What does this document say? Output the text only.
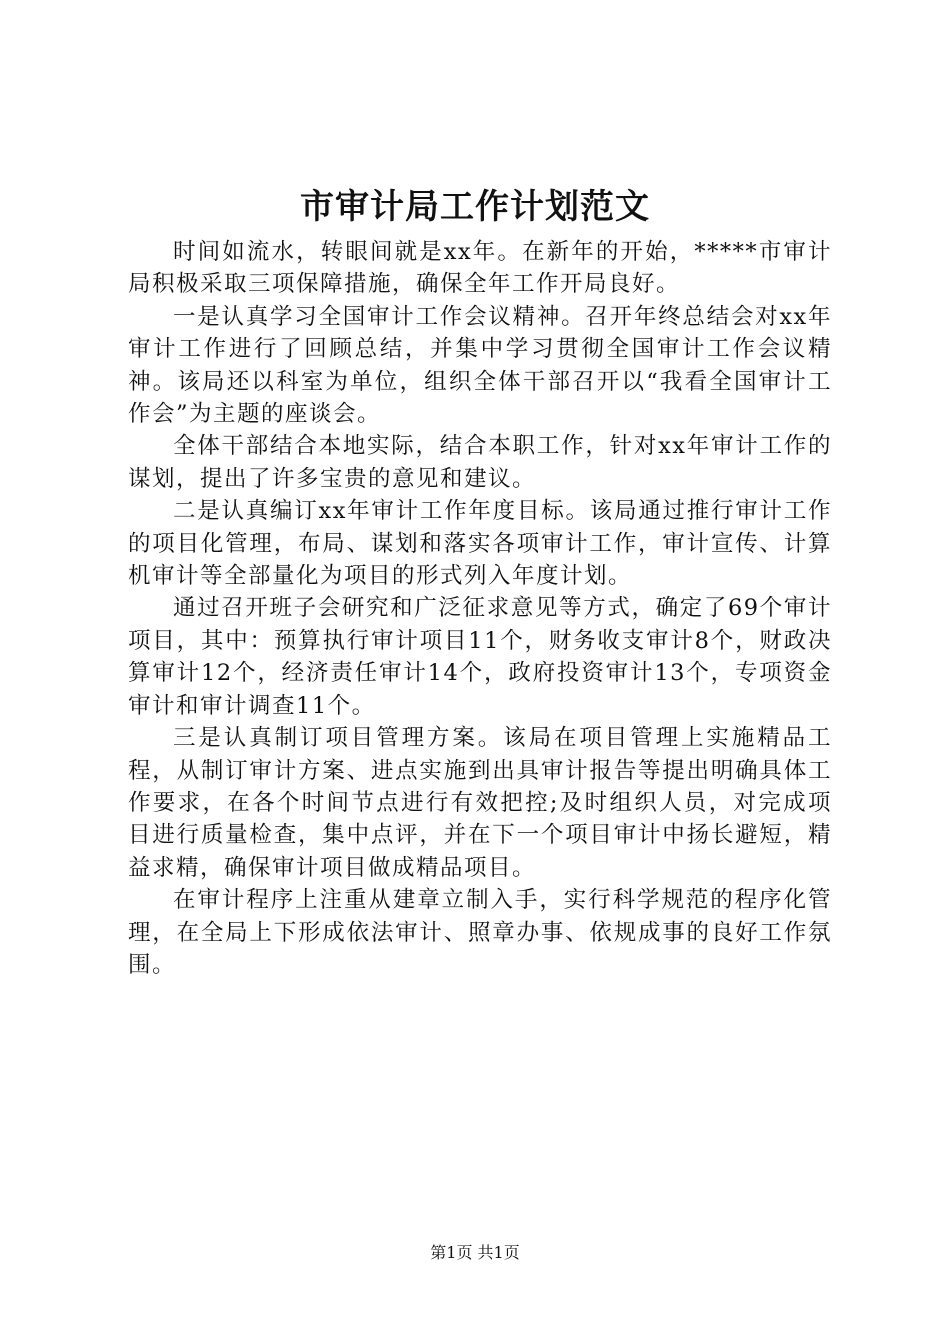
市审计局工作计划范文

时间如流水，转眼间就是xx年。在新年的开始，*****市审计局积极采取三项保障措施，确保全年工作开局良好。

一是认真学习全国审计工作会议精神。召开年终总结会对xx年审计工作进行了回顾总结，并集中学习贯彻全国审计工作会议精神。该局还以科室为单位，组织全体干部召开以“我看全国审计工作会”为主题的座谈会。

全体干部结合本地实际，结合本职工作，针对xx年审计工作的谋划，提出了许多宝贵的意见和建议。

二是认真编订xx年审计工作年度目标。该局通过推行审计工作的项目化管理，布局、谋划和落实各项审计工作，审计宣传、计算机审计等全部量化为项目的形式列入年度计划。

通过召开班子会研究和广泛征求意见等方式，确定了69个审计项目，其中：预算执行审计项目11个，财务收支审计8个，财政决算审计12个，经济责任审计14个，政府投资审计13个，专项资金审计和审计调查11个。

三是认真制订项目管理方案。该局在项目管理上实施精品工程，从制订审计方案、进点实施到出具审计报告等提出明确具体工作要求，在各个时间节点进行有效把控;及时组织人员，对完成项目进行质量检查，集中点评，并在下一个项目审计中扬长避短，精益求精，确保审计项目做成精品项目。

在审计程序上注重从建章立制入手，实行科学规范的程序化管理，在全局上下形成依法审计、照章办事、依规成事的良好工作氛围。

第1页 共1页
